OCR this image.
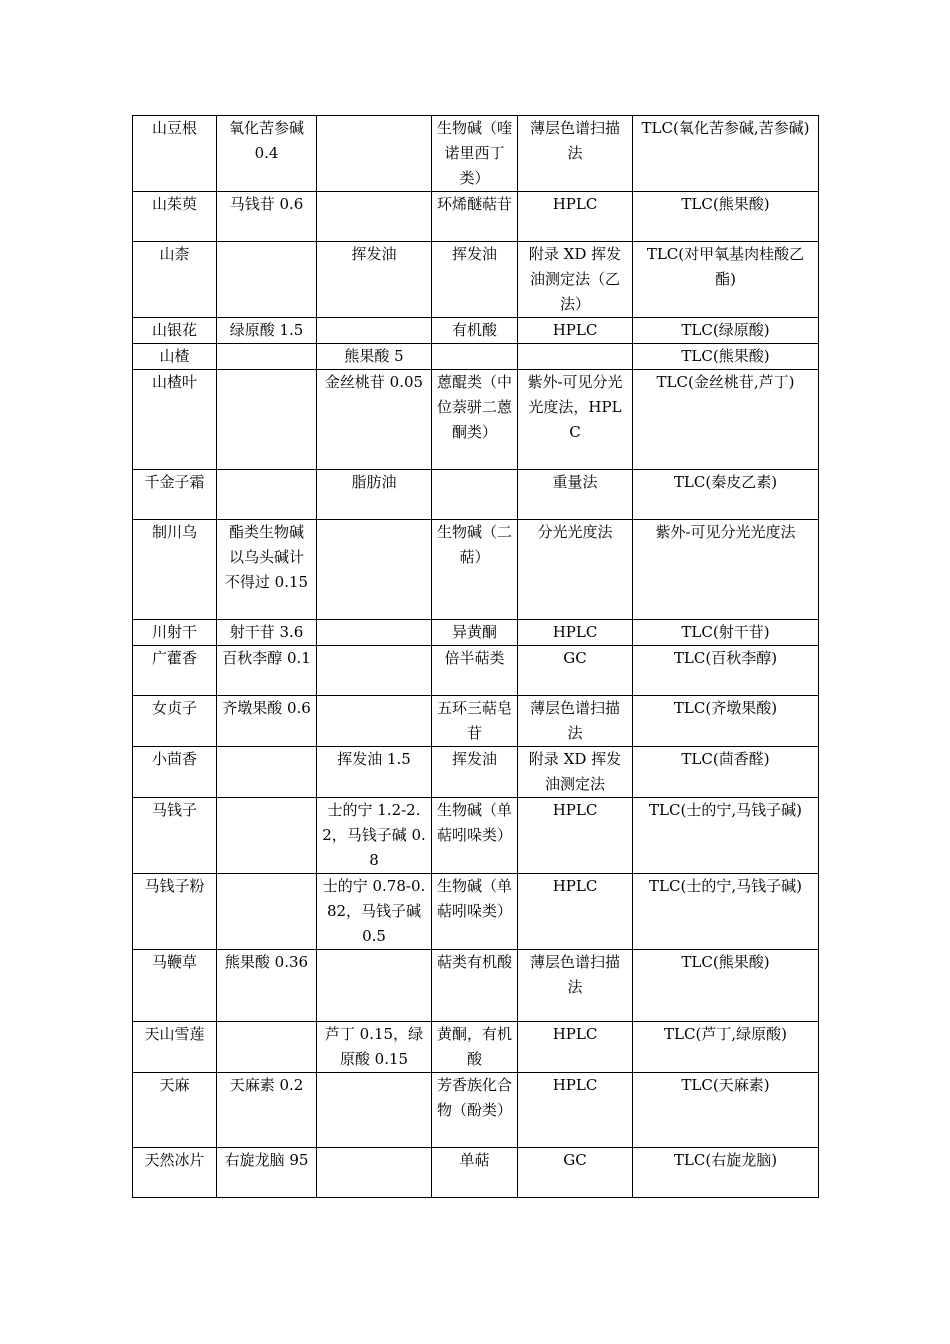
山豆根	氧化苦参碱 0.4		生物碱（喹诺里西丁类）	薄层色谱扫描法	TLC(氧化苦参碱,苦参碱)
山茱萸	马钱苷 0.6		环烯醚萜苷	HPLC	TLC(熊果酸)
山柰		挥发油	挥发油	附录 XD 挥发油测定法（乙法）	TLC(对甲氧基肉桂酸乙酯)
山银花	绿原酸 1.5		有机酸	HPLC	TLC(绿原酸)
山楂		熊果酸 5			TLC(熊果酸)
山楂叶		金丝桃苷 0.05	蒽醌类（中位萘骈二蒽酮类）	紫外-可见分光光度法，HPLC	TLC(金丝桃苷,芦丁)
千金子霜		脂肪油		重量法	TLC(秦皮乙素)
制川乌	酯类生物碱以乌头碱计不得过 0.15		生物碱（二萜）	分光光度法	紫外-可见分光光度法
川射干	射干苷 3.6		异黄酮	HPLC	TLC(射干苷)
广藿香	百秋李醇 0.1		倍半萜类	GC	TLC(百秋李醇)
女贞子	齐墩果酸 0.6		五环三萜皂苷	薄层色谱扫描法	TLC(齐墩果酸)
小茴香		挥发油 1.5	挥发油	附录 XD 挥发油测定法	TLC(茴香醛)
马钱子		士的宁 1.2-2.2，马钱子碱 0.8	生物碱（单萜吲哚类）	HPLC	TLC(士的宁,马钱子碱)
马钱子粉		士的宁 0.78-0.82，马钱子碱 0.5	生物碱（单萜吲哚类）	HPLC	TLC(士的宁,马钱子碱)
马鞭草	熊果酸 0.36		萜类有机酸	薄层色谱扫描法	TLC(熊果酸)
天山雪莲		芦丁 0.15，绿原酸 0.15	黄酮，有机酸	HPLC	TLC(芦丁,绿原酸)
天麻	天麻素 0.2		芳香族化合物（酚类）	HPLC	TLC(天麻素)
天然冰片	右旋龙脑 95		单萜	GC	TLC(右旋龙脑)
